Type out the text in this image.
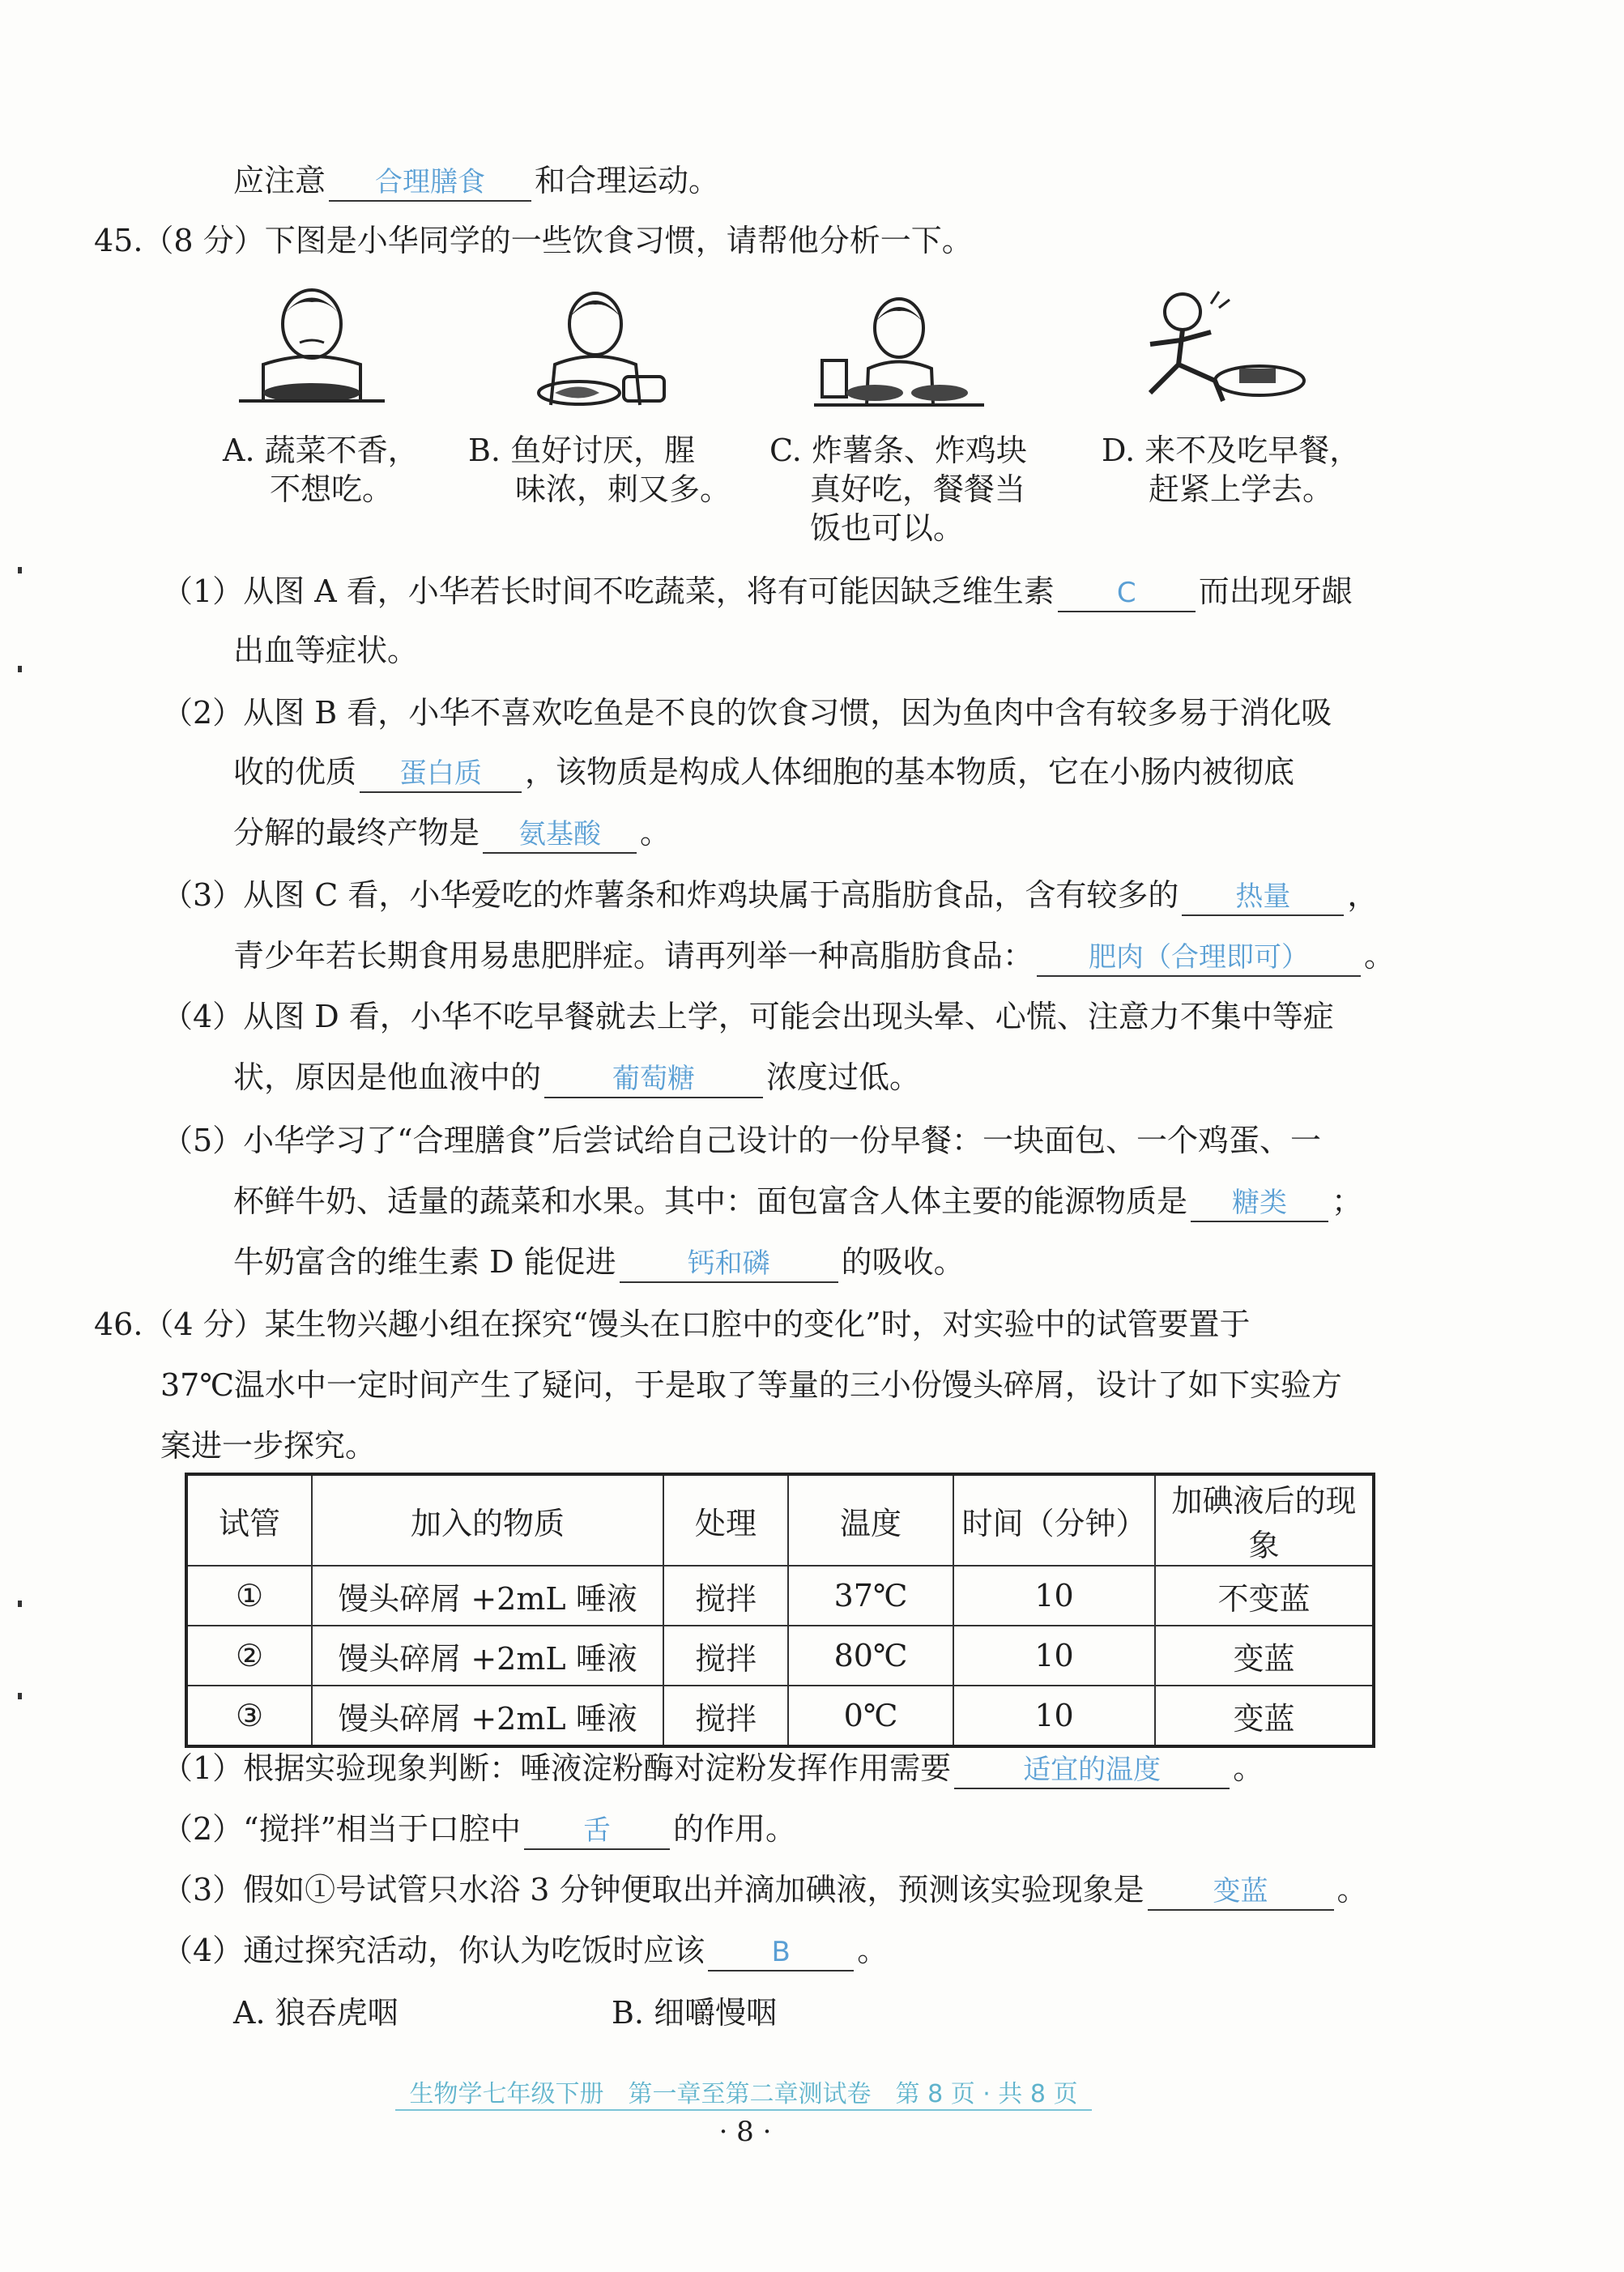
应注意 合理膳食 和合理运动。
45.（8 分）下图是小华同学的一些饮食习惯，请帮他分析一下。
A. 蔬菜不香，
不想吃。
B. 鱼好讨厌，腥
味浓，刺又多。
C. 炸薯条、炸鸡块
真好吃，餐餐当
饭也可以。
D. 来不及吃早餐，
赶紧上学去。
（1）从图 A 看，小华若长时间不吃蔬菜，将有可能因缺乏维生素 C 而出现牙龈
出血等症状。
（2）从图 B 看，小华不喜欢吃鱼是不良的饮食习惯，因为鱼肉中含有较多易于消化吸
收的优质 蛋白质 ，该物质是构成人体细胞的基本物质，它在小肠内被彻底
分解的最终产物是 氨基酸 。
（3）从图 C 看，小华爱吃的炸薯条和炸鸡块属于高脂肪食品，含有较多的 热量 ，
青少年若长期食用易患肥胖症。请再列举一种高脂肪食品： 肥肉（合理即可） 。
（4）从图 D 看，小华不吃早餐就去上学，可能会出现头晕、心慌、注意力不集中等症
状，原因是他血液中的	葡萄糖 浓度过低。
（5）小华学习了“合理膳食”后尝试给自己设计的一份早餐：一块面包、一个鸡蛋、一
杯鲜牛奶、适量的蔬菜和水果。其中：面包富含人体主要的能源物质是 糖类 ；
牛奶富含的维生素 D 能促进	钙和磷 的吸收。
46.（4 分）某生物兴趣小组在探究“馒头在口腔中的变化”时，对实验中的试管要置于
37℃温水中一定时间产生了疑问，于是取了等量的三小份馒头碎屑，设计了如下实验方
案进一步探究。
试管	加入的物质	处理	温度	时间（分钟）	加碘液后的现象
①	馒头碎屑 +2mL 唾液	搅拌	37℃	10	不变蓝
②	馒头碎屑 +2mL 唾液	搅拌	80℃	10	变蓝
③	馒头碎屑 +2mL 唾液	搅拌	0℃	10	变蓝
（1）根据实验现象判断：唾液淀粉酶对淀粉发挥作用需要	适宜的温度 。
（2）“搅拌”相当于口腔中 舌 的作用。
（3）假如①号试管只水浴 3 分钟便取出并滴加碘液，预测该实验现象是	变蓝 。
（4）通过探究活动，你认为吃饭时应该 B 。
A. 狼吞虎咽	B. 细嚼慢咽
生物学七年级下册　第一章至第二章测试卷　第 8 页 · 共 8 页
· 8 ·
